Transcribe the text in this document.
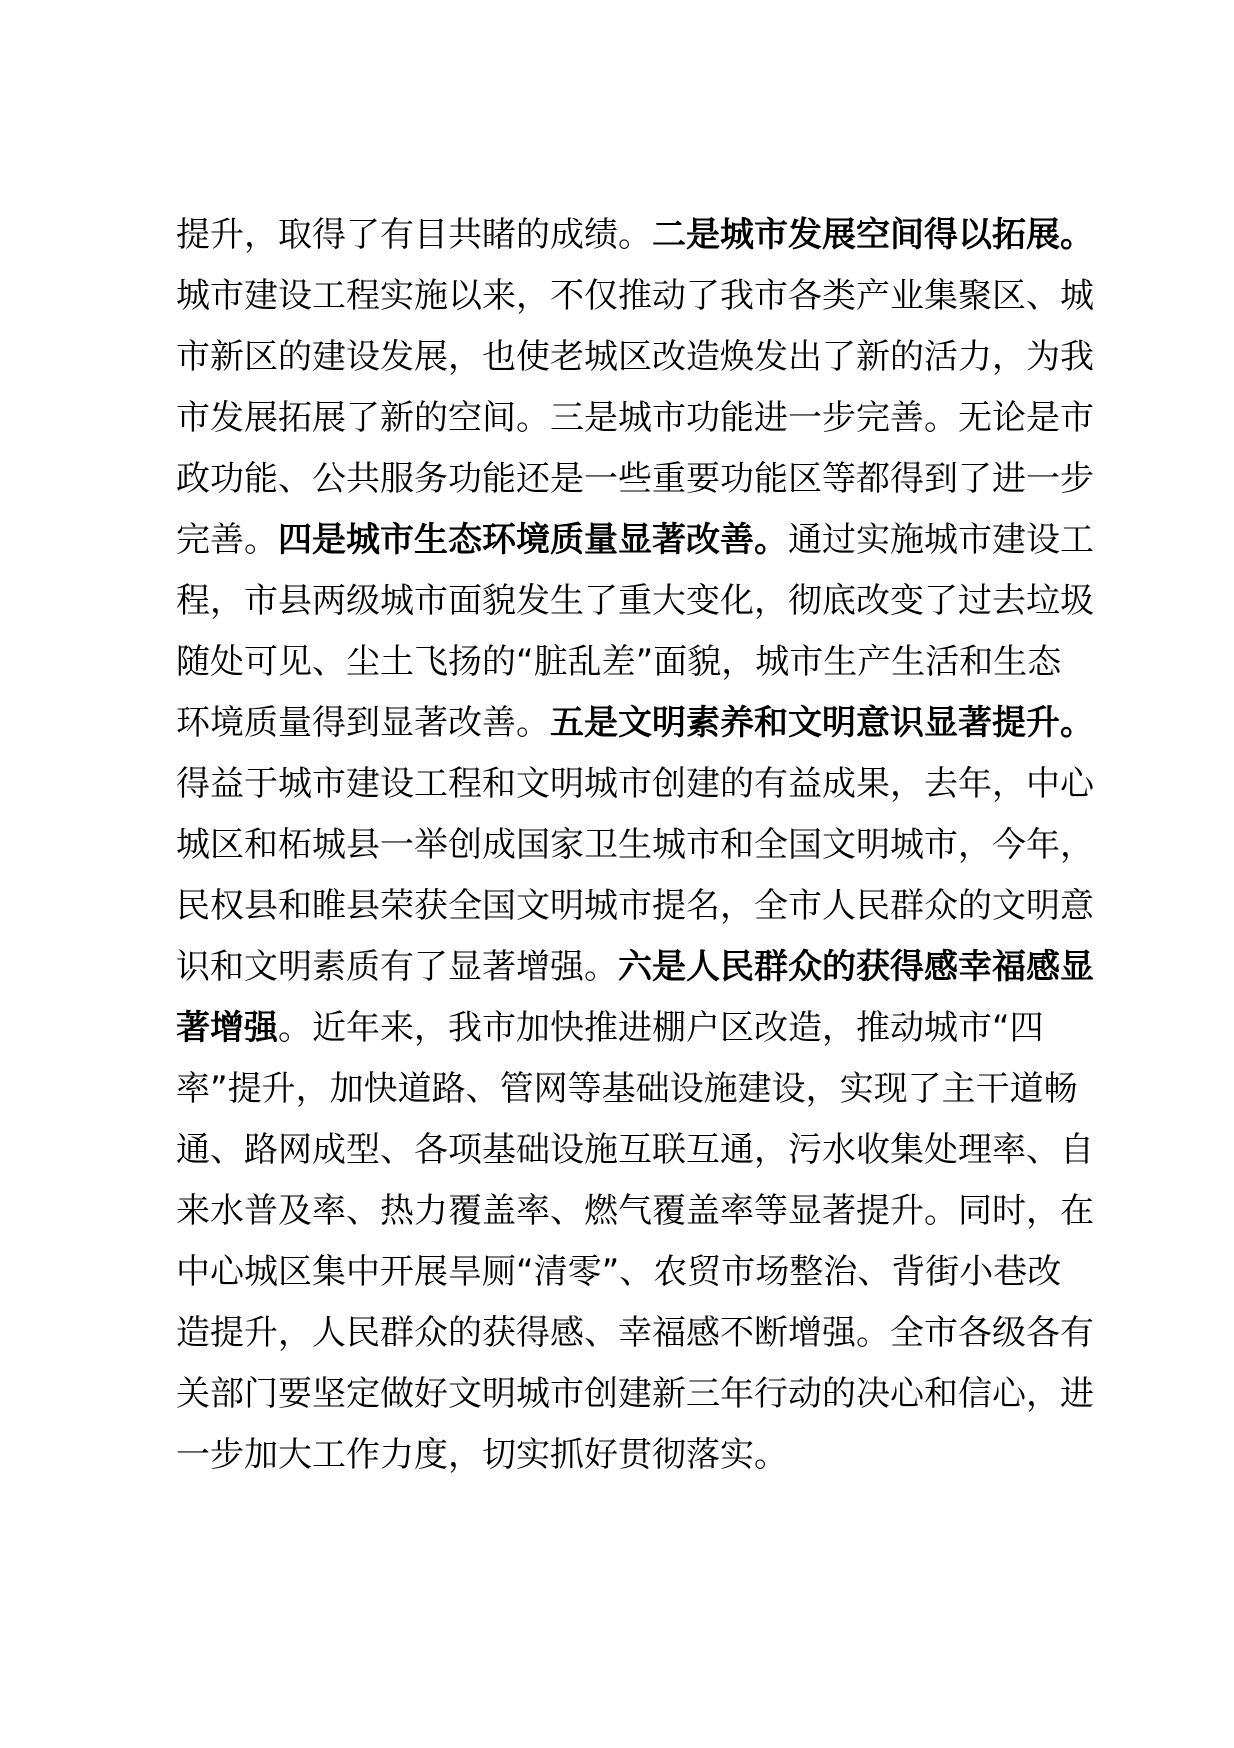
提升，取得了有目共睹的成绩。二是城市发展空间得以拓展。
城市建设工程实施以来，不仅推动了我市各类产业集聚区、城
市新区的建设发展，也使老城区改造焕发出了新的活力，为我
市发展拓展了新的空间。三是城市功能进一步完善。无论是市
政功能、公共服务功能还是一些重要功能区等都得到了进一步
完善。四是城市生态环境质量显著改善。通过实施城市建设工
程，市县两级城市面貌发生了重大变化，彻底改变了过去垃圾
随处可见、尘土飞扬的“脏乱差”面貌，城市生产生活和生态
环境质量得到显著改善。五是文明素养和文明意识显著提升。
得益于城市建设工程和文明城市创建的有益成果，去年，中心
城区和柘城县一举创成国家卫生城市和全国文明城市，今年，
民权县和睢县荣获全国文明城市提名，全市人民群众的文明意
识和文明素质有了显著增强。六是人民群众的获得感幸福感显
著增强。近年来，我市加快推进棚户区改造，推动城市“四
率”提升，加快道路、管网等基础设施建设，实现了主干道畅
通、路网成型、各项基础设施互联互通，污水收集处理率、自
来水普及率、热力覆盖率、燃气覆盖率等显著提升。同时，在
中心城区集中开展旱厕“清零”、农贸市场整治、背街小巷改
造提升，人民群众的获得感、幸福感不断增强。全市各级各有
关部门要坚定做好文明城市创建新三年行动的决心和信心，进
一步加大工作力度，切实抓好贯彻落实。
